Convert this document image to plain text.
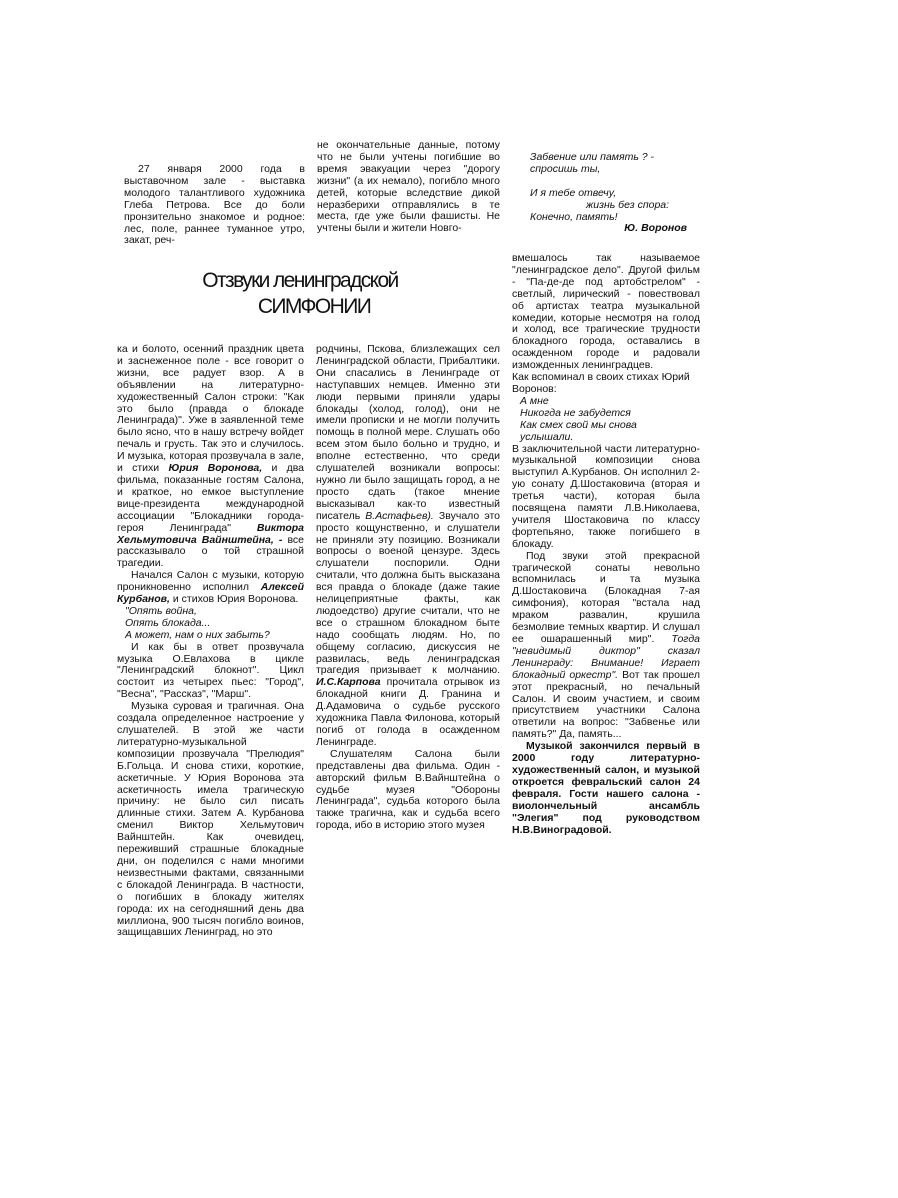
27 января 2000 года в выставочном зале - выставка молодого талантливого художника Глеба Петрова. Все до боли пронзительно знакомое и родное: лес, поле, раннее туманное утро, закат, реч-

не окончательные данные, потому что не были учтены погибшие во время эвакуации через "дорогу жизни" (а их немало), погибло много детей, которые вследствие дикой неразберихи отправлялись в те места, где уже были фашисты. Не учтены были и жители Новго-

Забвение или память ? -

спросишь ты,

И я тебе отвечу,

жизнь без спора:

Конечно, память!

Ю. Воронов

Отзвуки ленинградской
СИМФОНИИ

ка и болото, осенний праздник цвета и заснеженное поле - все говорит о жизни, все радует взор. А в объявлении на литературно-художественный Салон строки: "Как это было (правда о блокаде Ленинграда)". Уже в заявленной теме было ясно, что в нашу встречу войдет печаль и грусть. Так это и случилось. И музыка, которая прозвучала в зале, и стихи Юрия Воронова, и два фильма, показанные гостям Салона, и краткое, но емкое выступление вице-президента международной ассоциации "Блокадники города-героя Ленинграда" Виктора Хельмутовича Вайнштейна, - все рассказывало о той страшной трагедии.

Начался Салон с музыки, которую проникновенно исполнил Алексей Курбанов, и стихов Юрия Воронова.

"Опять война,

Опять блокада...

А может, нам о них забыть?

И как бы в ответ прозвучала музыка О.Евлахова в цикле "Ленинградский блокнот". Цикл состоит из четырех пьес: "Город", "Весна", "Рассказ", "Марш".

Музыка суровая и трагичная. Она создала определенное настроение у слушателей. В этой же части литературно-музыкальной композиции прозвучала "Прелюдия" Б.Гольца. И снова стихи, короткие, аскетичные. У Юрия Воронова эта аскетичность имела трагическую причину: не было сил писать длинные стихи. Затем А. Курбанова сменил Виктор Хельмутович Вайнштейн. Как очевидец, переживший страшные блокадные дни, он поделился с нами многими неизвестными фактами, связанными с блокадой Ленинграда. В частности, о погибших в блокаду жителях города: их на сегодняшний день два миллиона, 900 тысяч погибло воинов, защищавших Ленинград, но это

родчины, Пскова, близлежащих сел Ленинградской области, Прибалтики. Они спасались в Ленинграде от наступавших немцев. Именно эти люди первыми приняли удары блокады (холод, голод), они не имели прописки и не могли получить помощь в полной мере. Слушать обо всем этом было больно и трудно, и вполне естественно, что среди слушателей возникали вопросы: нужно ли было защищать город, а не просто сдать (такое мнение высказывал как-то известный писатель В.Астафьев). Звучало это просто кощунственно, и слушатели не приняли эту позицию. Возникали вопросы о военой цензуре. Здесь слушатели поспорили. Одни считали, что должна быть высказана вся правда о блокаде (даже такие нелицеприятные факты, как людоедство) другие считали, что не все о страшном блокадном быте надо сообщать людям. Но, по общему согласию, дискуссия не развилась, ведь ленинградская трагедия призывает к молчанию. И.С.Карпова прочитала отрывок из блокадной книги Д. Гранина и Д.Адамовича о судьбе русского художника Павла Филонова, который погиб от голода в осажденном Ленинграде.

Слушателям Салона были представлены два фильма. Один - авторский фильм В.Вайнштейна о судьбе музея "Обороны Ленинграда", судьба которого была также трагична, как и судьба всего города, ибо в историю этого музея

вмешалось так называемое "ленинградское дело". Другой фильм - "Па-де-де под артобстрелом" - светлый, лирический - повествовал об артистах театра музыкальной комедии, которые несмотря на голод и холод, все трагические трудности блокадного города, оставались в осажденном городе и радовали изможденных ленинградцев.

Как вспоминал в своих стихах Юрий Воронов:

А мне

Никогда не забудется

Как смех свой мы снова

услышали.

В заключительной части литературно-музыкальной композиции снова выступил А.Курбанов. Он исполнил 2-ую сонату Д.Шостаковича (вторая и третья части), которая была посвящена памяти Л.В.Николаева, учителя Шостаковича по классу фортепьяно, также погибшего в блокаду.

Под звуки этой прекрасной трагической сонаты невольно вспомнилась и та музыка Д.Шостаковича (Блокадная 7-ая симфония), которая "встала над мраком развалин, крушила безмолвие темных квартир. И слушал ее ошарашенный мир". Тогда "невидимый диктор" сказал Ленинграду: Внимание! Играет блокадный оркестр". Вот так прошел этот прекрасный, но печальный Салон. И своим участием, и своим присутствием участники Салона ответили на вопрос: "Забвенье или память?" Да, память...

Музыкой закончился первый в 2000 году литературно-художественный салон, и музыкой откроется февральский салон 24 февраля. Гости нашего салона - виолончельный ансамбль "Элегия" под руководством Н.В.Виноградовой.
